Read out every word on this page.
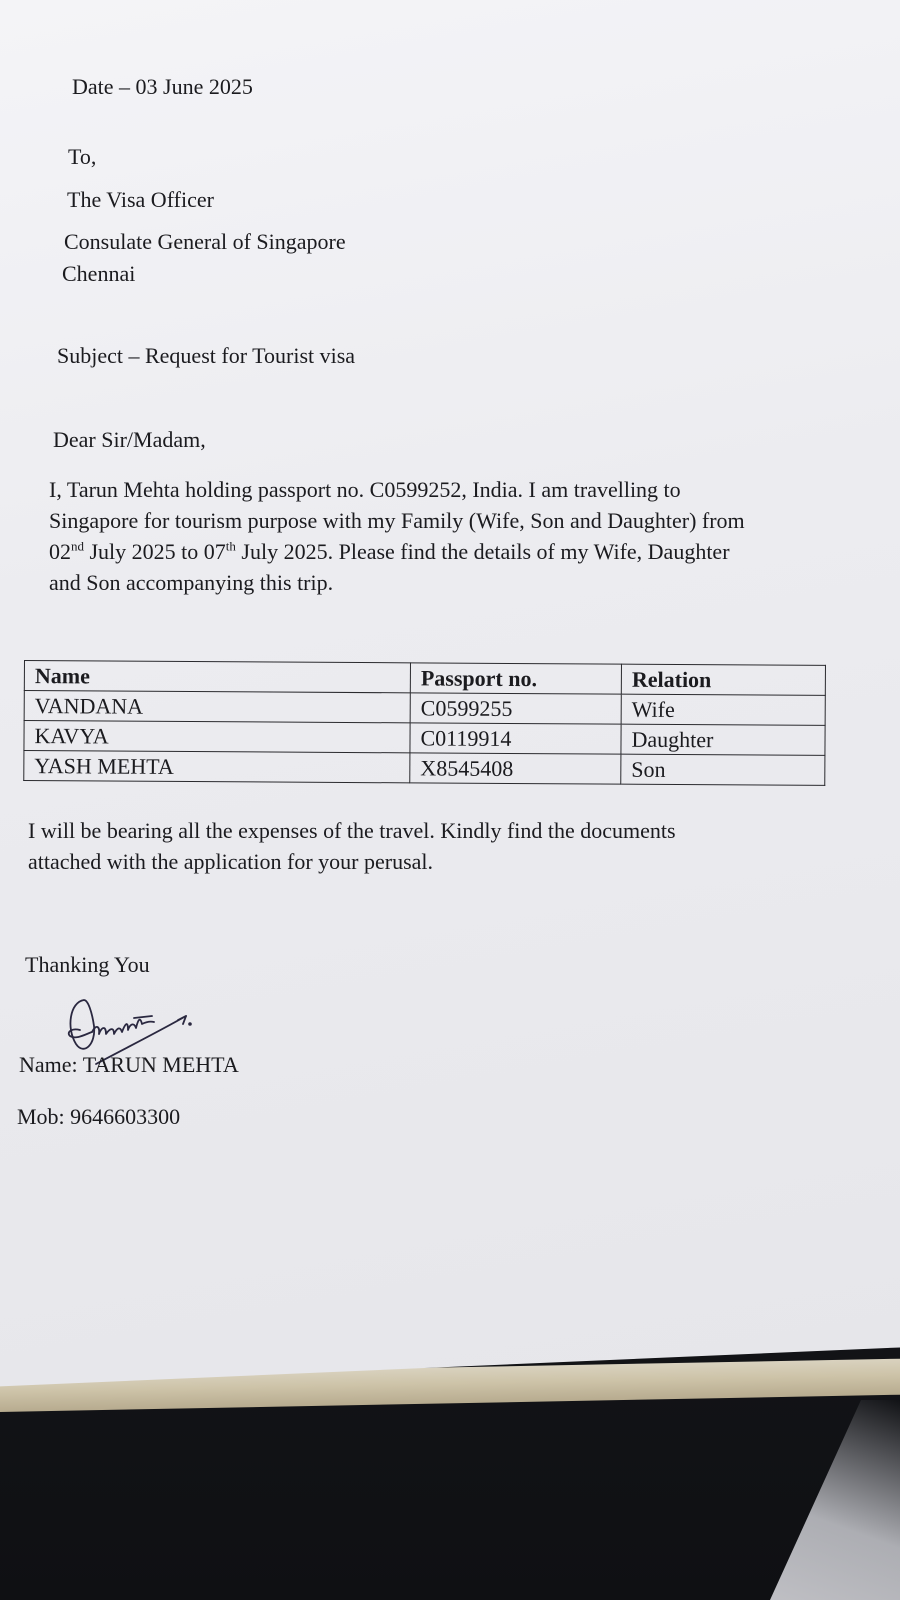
Date – 03 June 2025
To,
The Visa Officer
Consulate General of Singapore
Chennai
Subject – Request for Tourist visa
Dear Sir/Madam,
I, Tarun Mehta holding passport no. C0599252, India. I am travelling to
Singapore for tourism purpose with my Family (Wife, Son and Daughter) from
02nd July 2025 to 07th July 2025. Please find the details of my Wife, Daughter
and Son accompanying this trip.
Name	Passport no.	Relation
VANDANA	C0599255	Wife
KAVYA	C0119914	Daughter
YASH MEHTA	X8545408	Son
I will be bearing all the expenses of the travel. Kindly find the documents
attached with the application for your perusal.
Thanking You
Name: TARUN MEHTA
Mob: 9646603300
